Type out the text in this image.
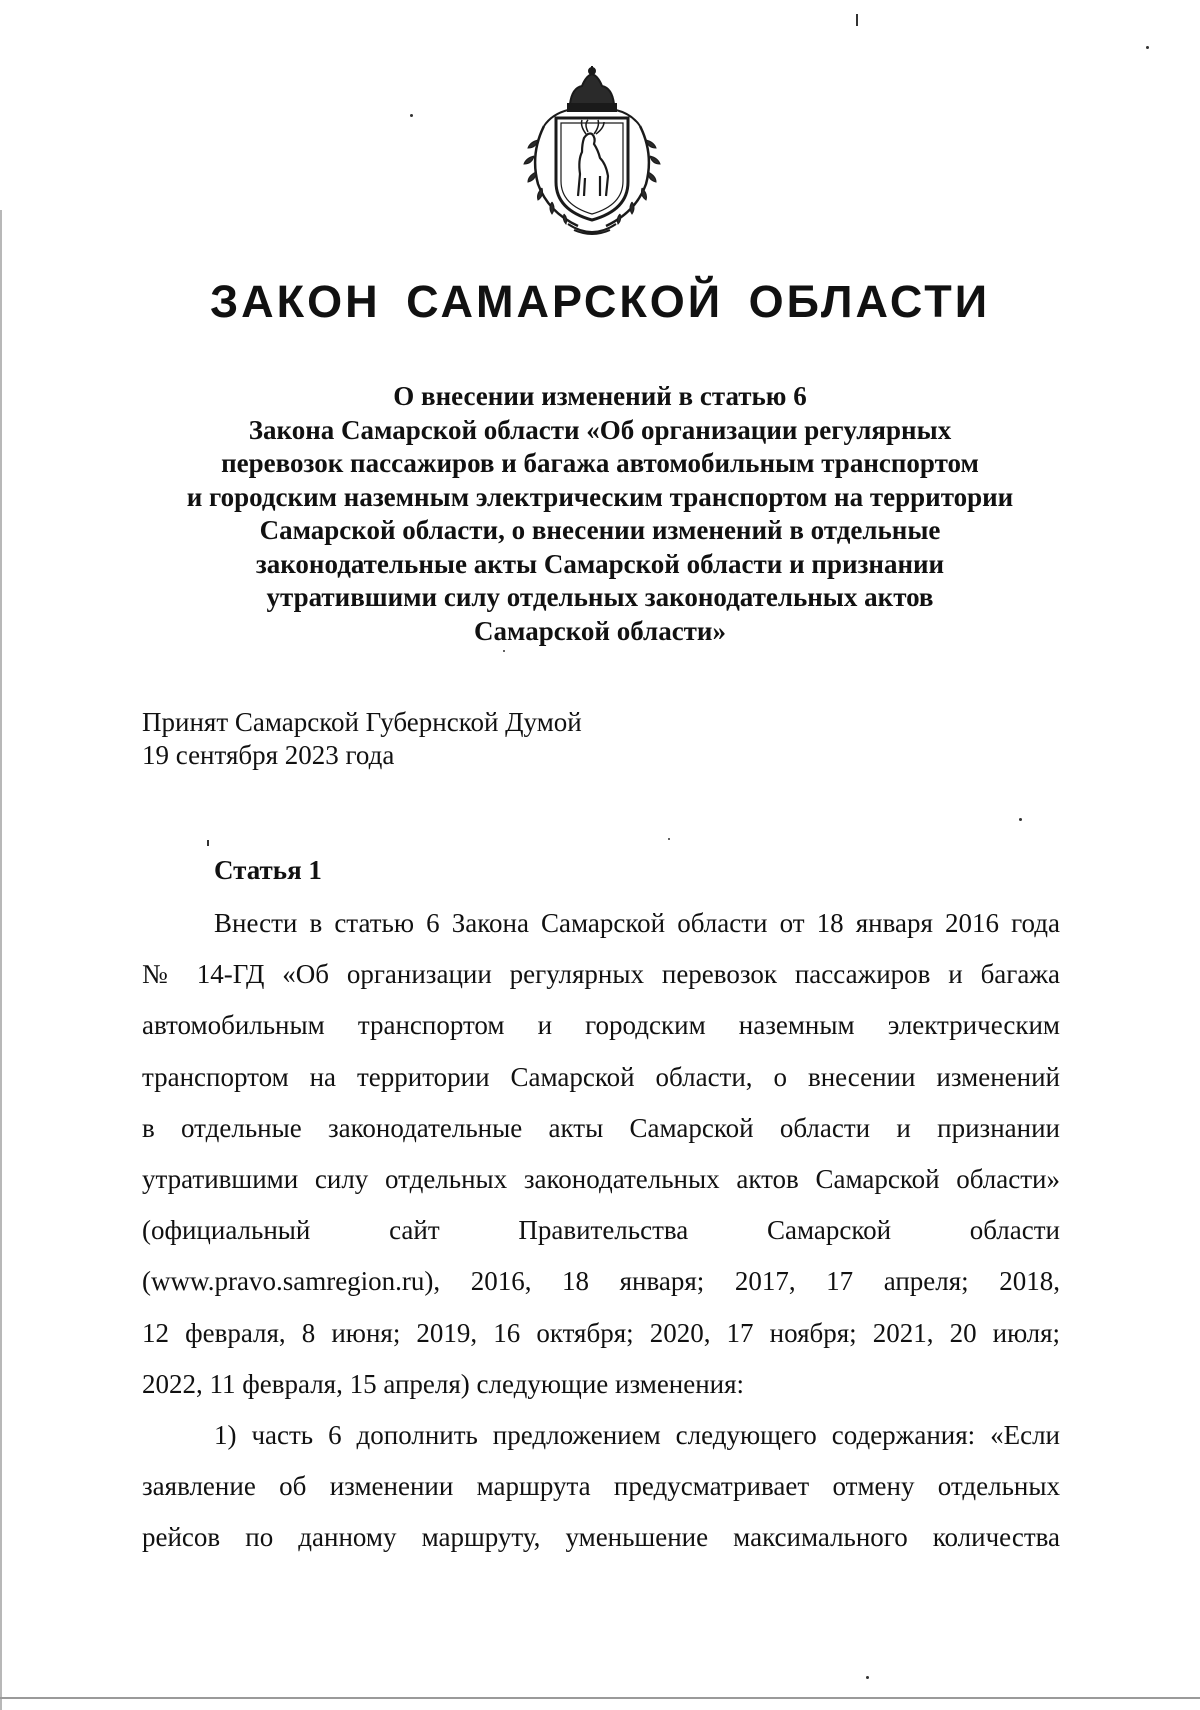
ЗАКОН САМАРСКОЙ ОБЛАСТИ
О внесении изменений в статью 6
Закона Самарской области «Об организации регулярных
перевозок пассажиров и багажа автомобильным транспортом
и городским наземным электрическим транспортом на территории
Самарской области, о внесении изменений в отдельные
законодательные акты Самарской области и признании
утратившими силу отдельных законодательных актов
Самарской области»
Принят Самарской Губернской Думой
19 сентября 2023 года
Статья 1
Внести в статью 6 Закона Самарской области от 18 января 2016 года
№ 14-ГД «Об организации регулярных перевозок пассажиров и багажа
автомобильным транспортом и городским наземным электрическим
транспортом на территории Самарской области, о внесении изменений
в отдельные законодательные акты Самарской области и признании
утратившими силу отдельных законодательных актов Самарской области»
(официальный сайт Правительства Самарской области
(www.pravo.samregion.ru), 2016, 18 января; 2017, 17 апреля; 2018,
12 февраля, 8 июня; 2019, 16 октября; 2020, 17 ноября; 2021, 20 июля;
2022, 11 февраля, 15 апреля) следующие изменения:
1) часть 6 дополнить предложением следующего содержания: «Если
заявление об изменении маршрута предусматривает отмену отдельных
рейсов по данному маршруту, уменьшение максимального количества
